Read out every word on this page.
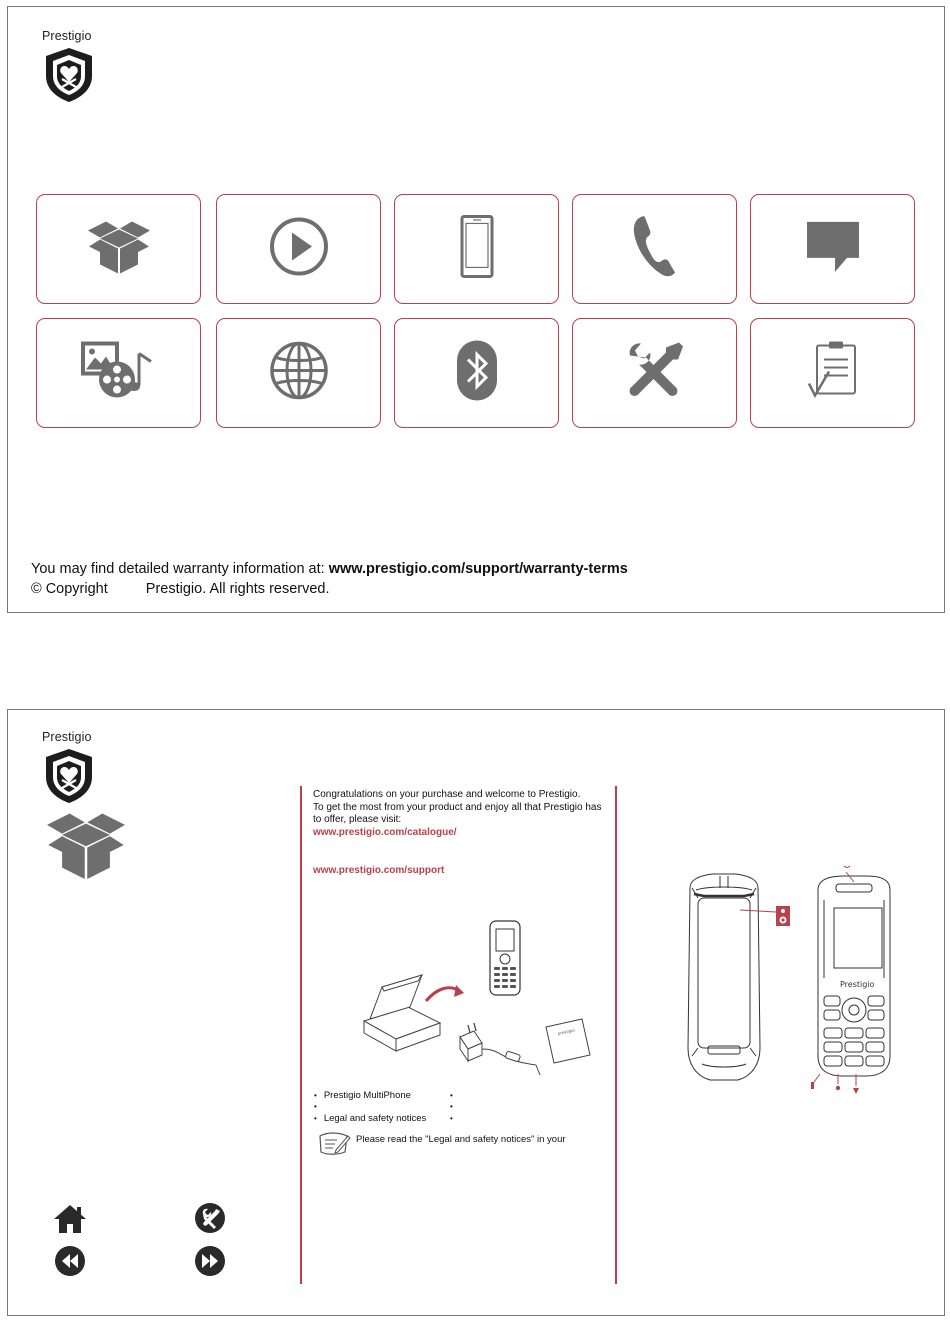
Prestigio
You may find detailed warranty information at: www.prestigio.com/support/warranty-terms
© Copyright	Prestigio. All rights reserved.
Prestigio
Congratulations on your purchase and welcome to Prestigio.
To get the most from your product and enjoy all that Prestigio has
to offer, please visit:
www.prestigio.com/catalogue/
www.prestigio.com/support
prestigio
• Prestigio MultiPhone
•
•
•
• Legal and safety notices
•
Please read the "Legal and safety notices" in your
Prestigio
